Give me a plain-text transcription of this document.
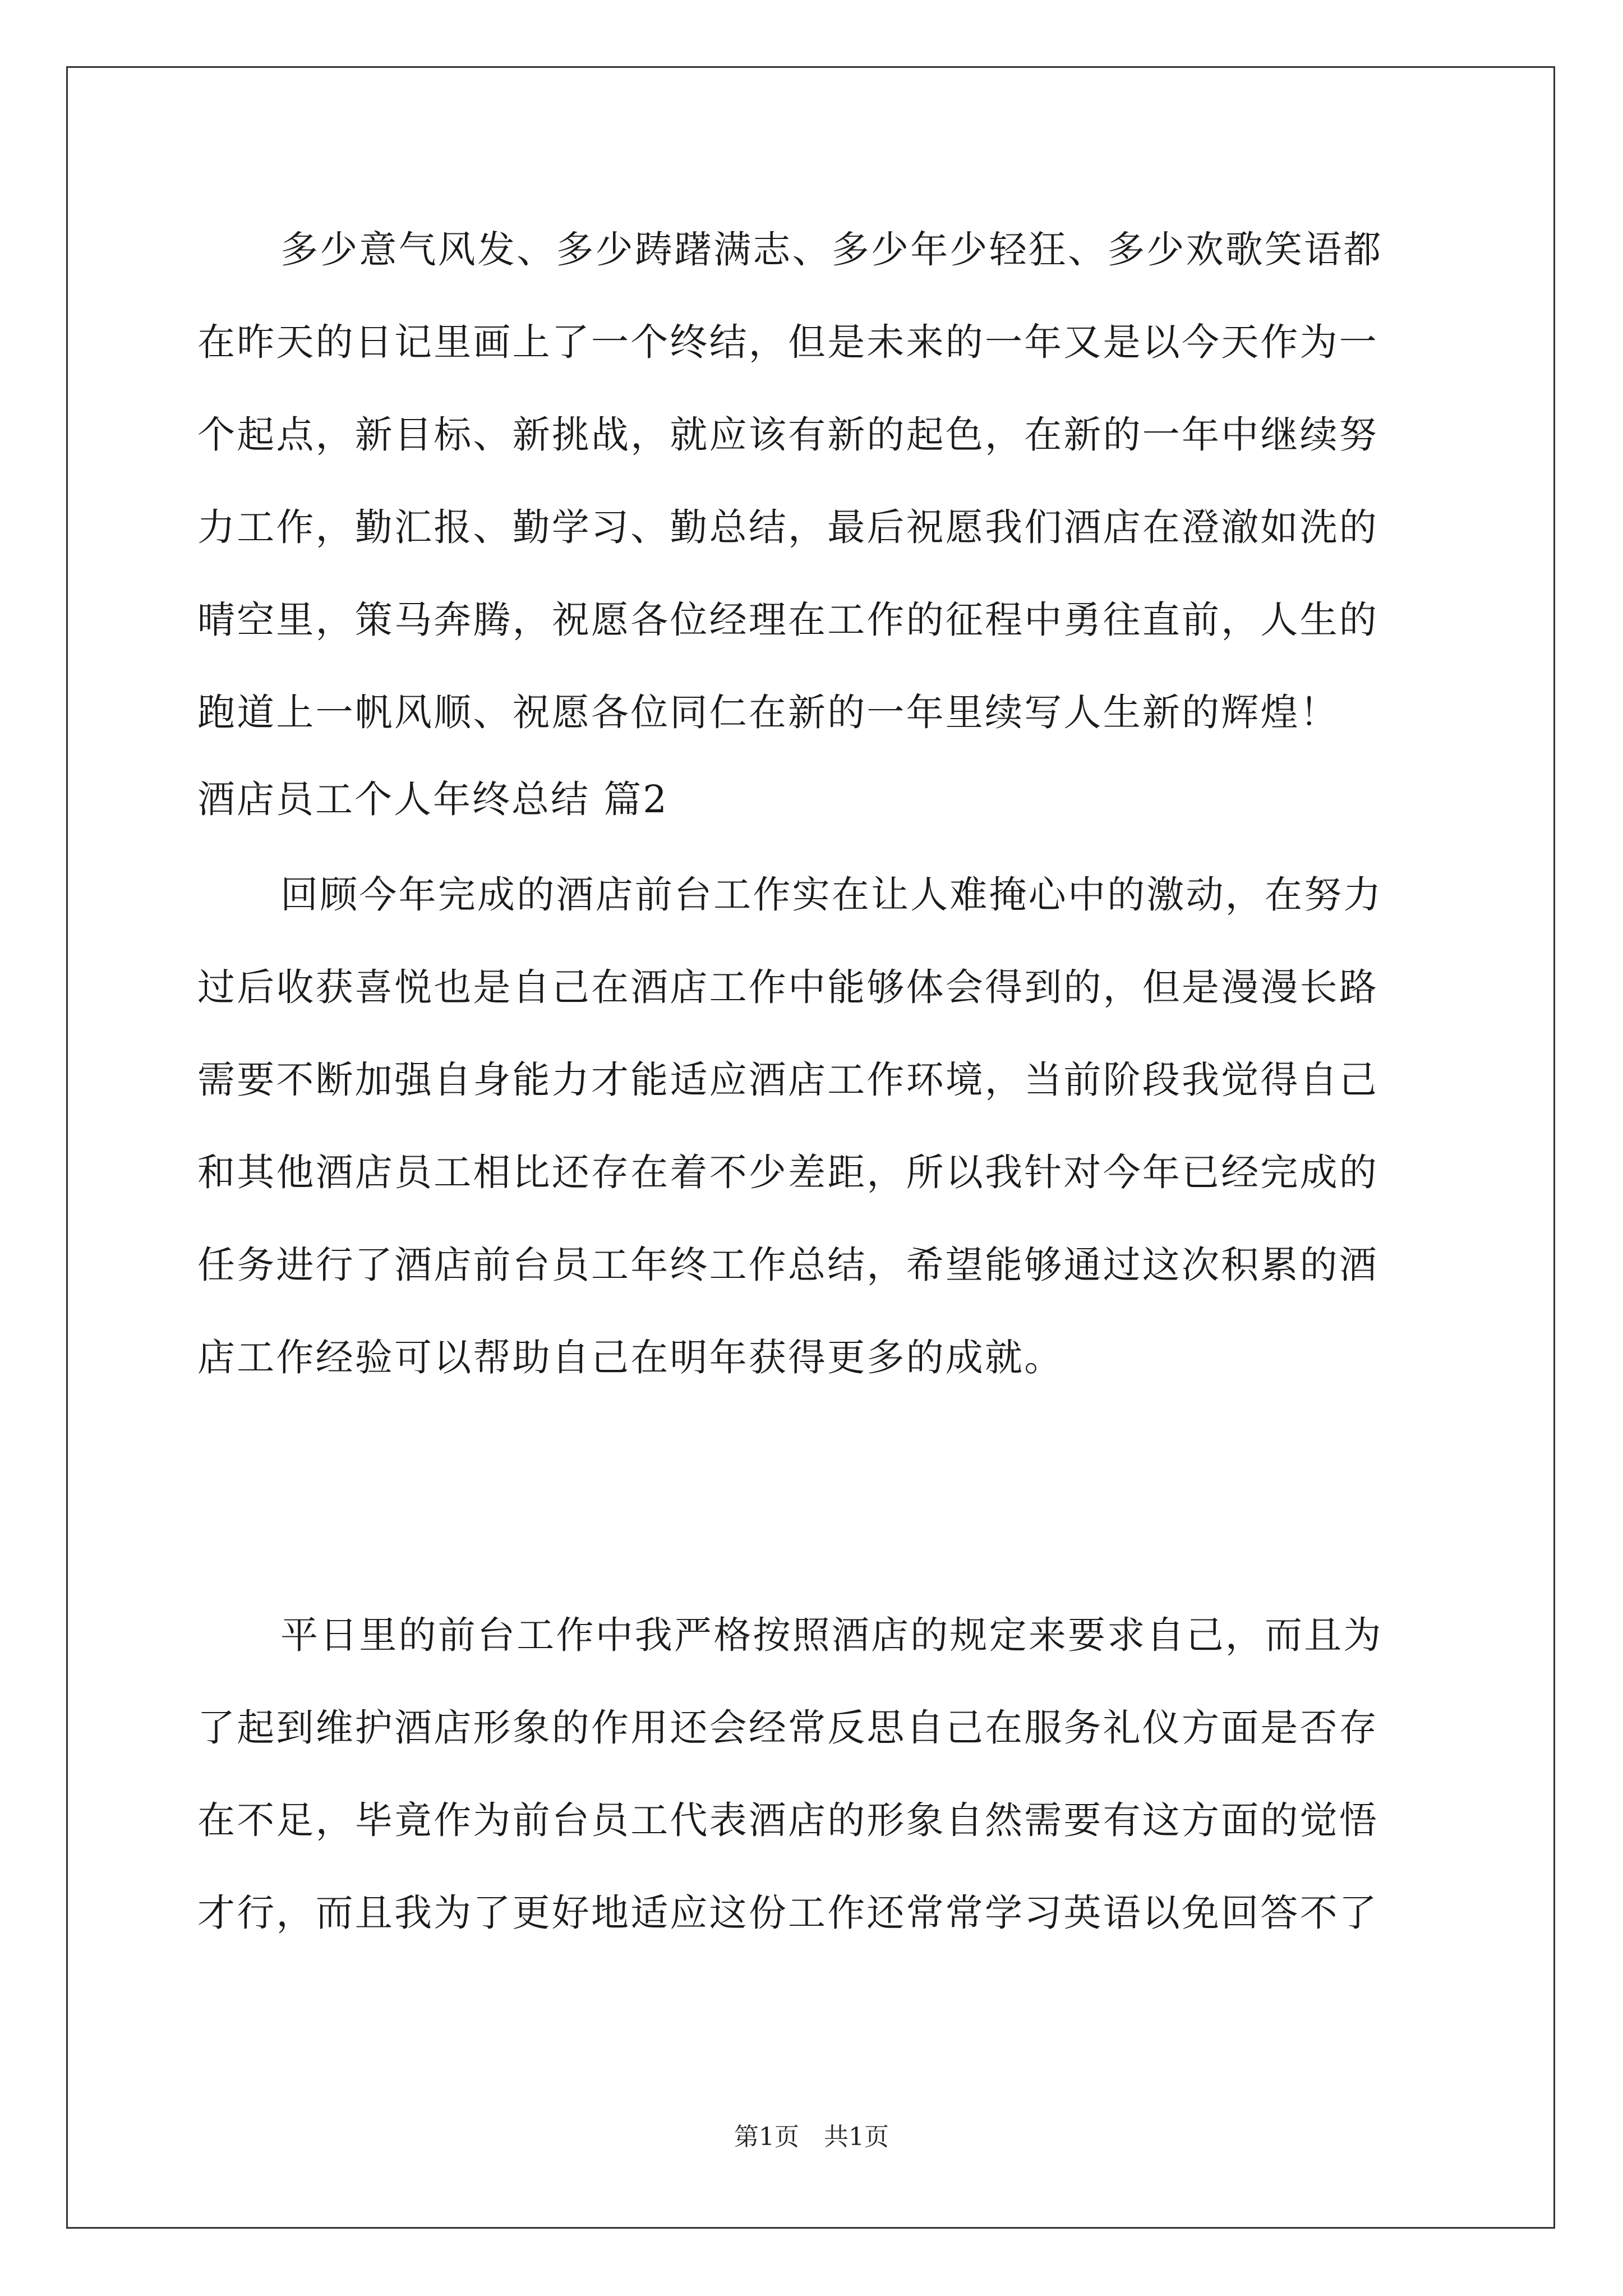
多少意气风发、多少踌躇满志、多少年少轻狂、多少欢歌笑语都
在昨天的日记里画上了一个终结，但是未来的一年又是以今天作为一
个起点，新目标、新挑战，就应该有新的起色，在新的一年中继续努
力工作，勤汇报、勤学习、勤总结，最后祝愿我们酒店在澄澈如洗的
晴空里，策马奔腾，祝愿各位经理在工作的征程中勇往直前，人生的
跑道上一帆风顺、祝愿各位同仁在新的一年里续写人生新的辉煌！
酒店员工个人年终总结 篇2
回顾今年完成的酒店前台工作实在让人难掩心中的激动，在努力
过后收获喜悦也是自己在酒店工作中能够体会得到的，但是漫漫长路
需要不断加强自身能力才能适应酒店工作环境，当前阶段我觉得自己
和其他酒店员工相比还存在着不少差距，所以我针对今年已经完成的
任务进行了酒店前台员工年终工作总结，希望能够通过这次积累的酒
店工作经验可以帮助自己在明年获得更多的成就。
平日里的前台工作中我严格按照酒店的规定来要求自己，而且为
了起到维护酒店形象的作用还会经常反思自己在服务礼仪方面是否存
在不足，毕竟作为前台员工代表酒店的形象自然需要有这方面的觉悟
才行，而且我为了更好地适应这份工作还常常学习英语以免回答不了
第1页　共1页
